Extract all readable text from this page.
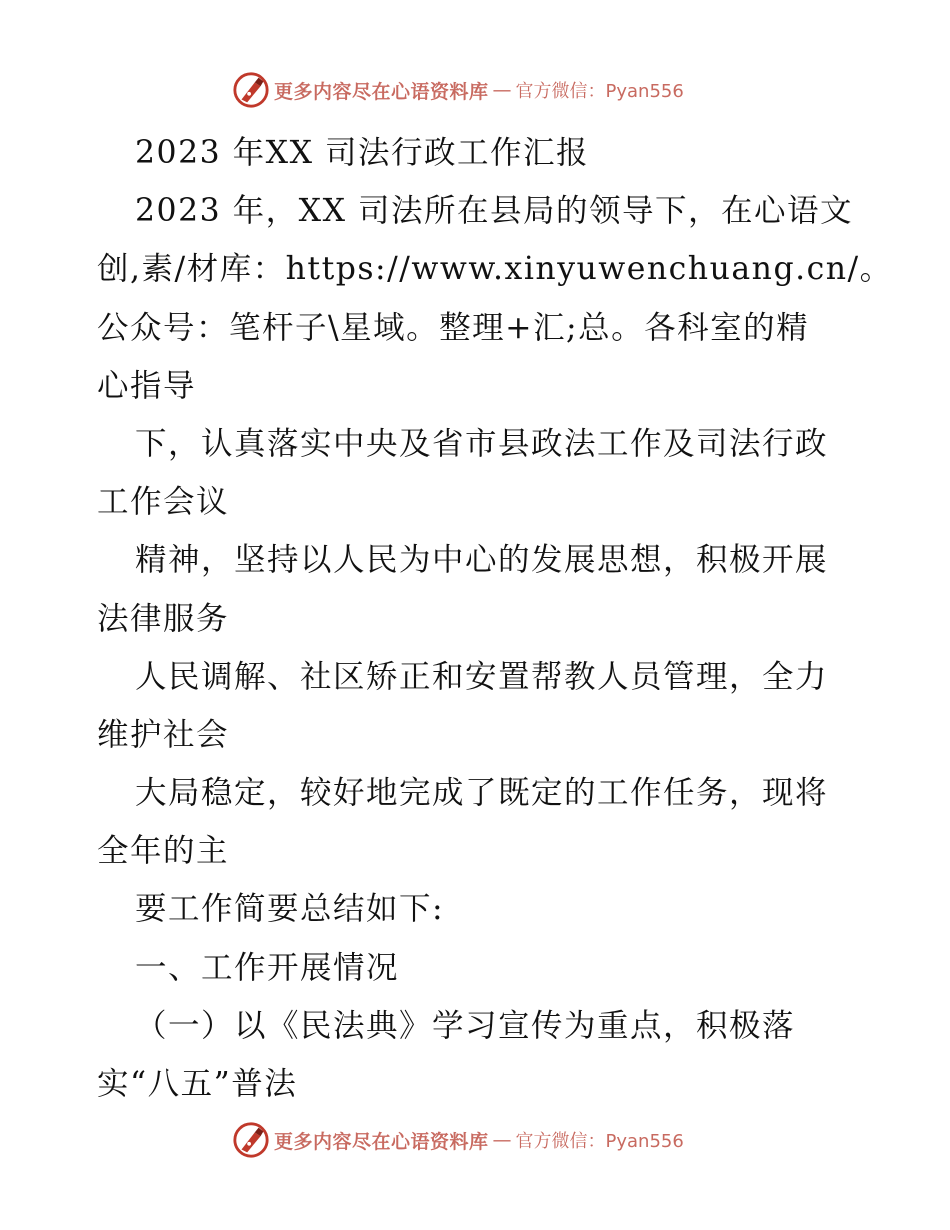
更多内容尽在心语资料库 — 官方微信：Pyan556
2023 年XX 司法行政工作汇报
2023 年，XX 司法所在县局的领导下，在心语文
创,素/材库：https://www.xinyuwenchuang.cn/。
公众号：笔杆子\星域。整理+汇;总。各科室的精
心指导
下，认真落实中央及省市县政法工作及司法行政
工作会议
精神，坚持以人民为中心的发展思想，积极开展
法律服务
人民调解、社区矫正和安置帮教人员管理，全力
维护社会
大局稳定，较好地完成了既定的工作任务，现将
全年的主
要工作简要总结如下:
一、工作开展情况
（一）以《民法典》学习宣传为重点，积极落
实“八五”普法
更多内容尽在心语资料库 — 官方微信：Pyan556
